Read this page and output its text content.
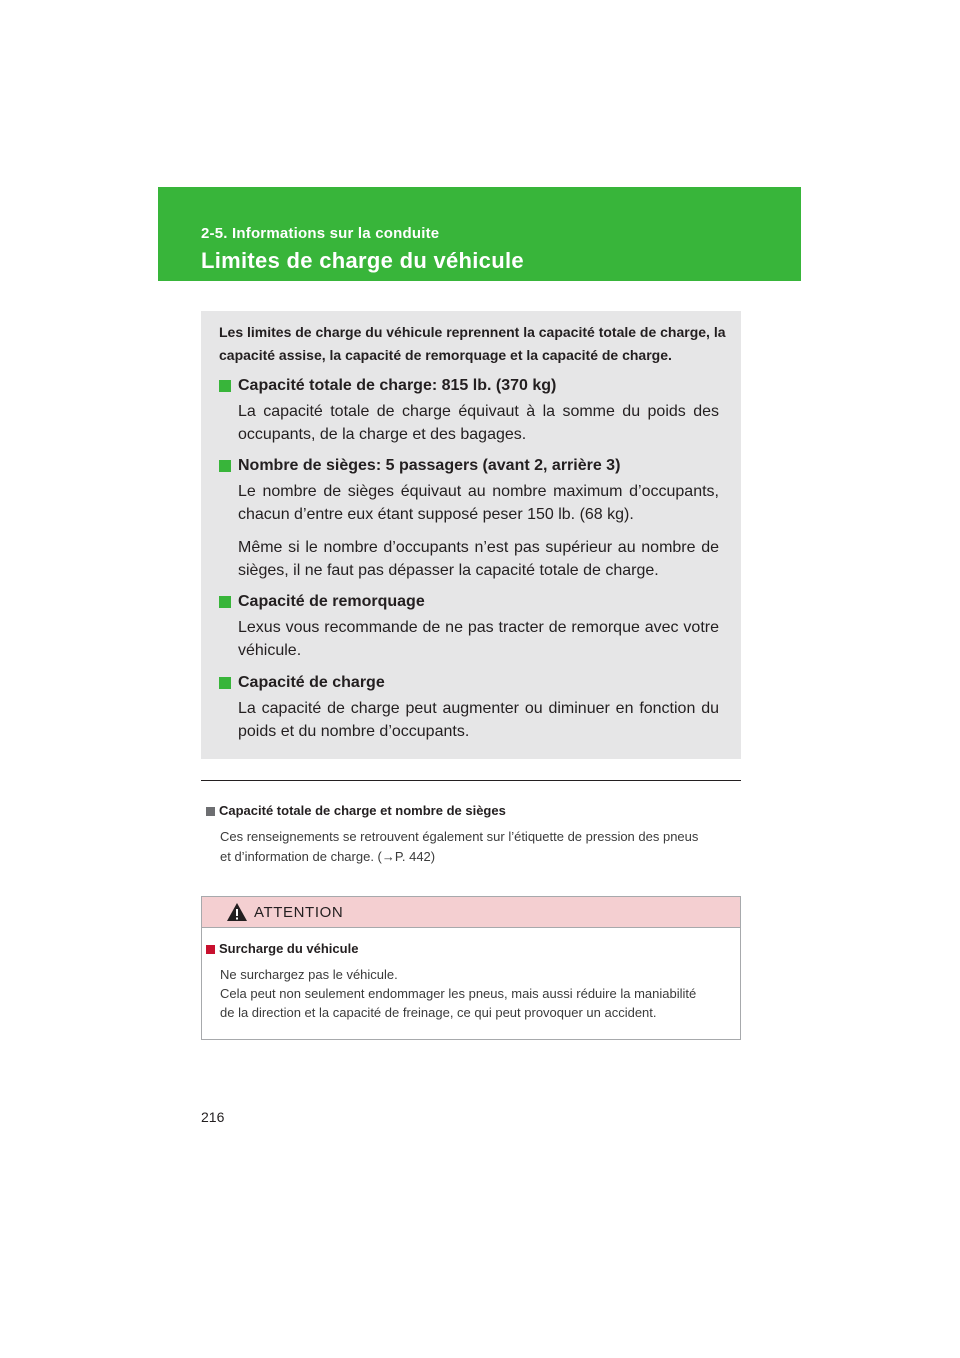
2-5. Informations sur la conduite
Limites de charge du véhicule
Les limites de charge du véhicule reprennent la capacité totale de charge, la capacité assise, la capacité de remorquage et la capacité de charge.
Capacité totale de charge: 815 lb. (370 kg)
La capacité totale de charge équivaut à la somme du poids des occupants, de la charge et des bagages.
Nombre de sièges: 5 passagers (avant 2, arrière 3)
Le nombre de sièges équivaut au nombre maximum d’occupants, chacun d’entre eux étant supposé peser 150 lb. (68 kg).
Même si le nombre d’occupants n’est pas supérieur au nombre de sièges, il ne faut pas dépasser la capacité totale de charge.
Capacité de remorquage
Lexus vous recommande de ne pas tracter de remorque avec votre véhicule.
Capacité de charge
La capacité de charge peut augmenter ou diminuer en fonction du poids et du nombre d’occupants.
Capacité totale de charge et nombre de sièges
Ces renseignements se retrouvent également sur l’étiquette de pression des pneus
et d’information de charge. (→P. 442)
ATTENTION
Surcharge du véhicule
Ne surchargez pas le véhicule.
Cela peut non seulement endommager les pneus, mais aussi réduire la maniabilité
de la direction et la capacité de freinage, ce qui peut provoquer un accident.
216
